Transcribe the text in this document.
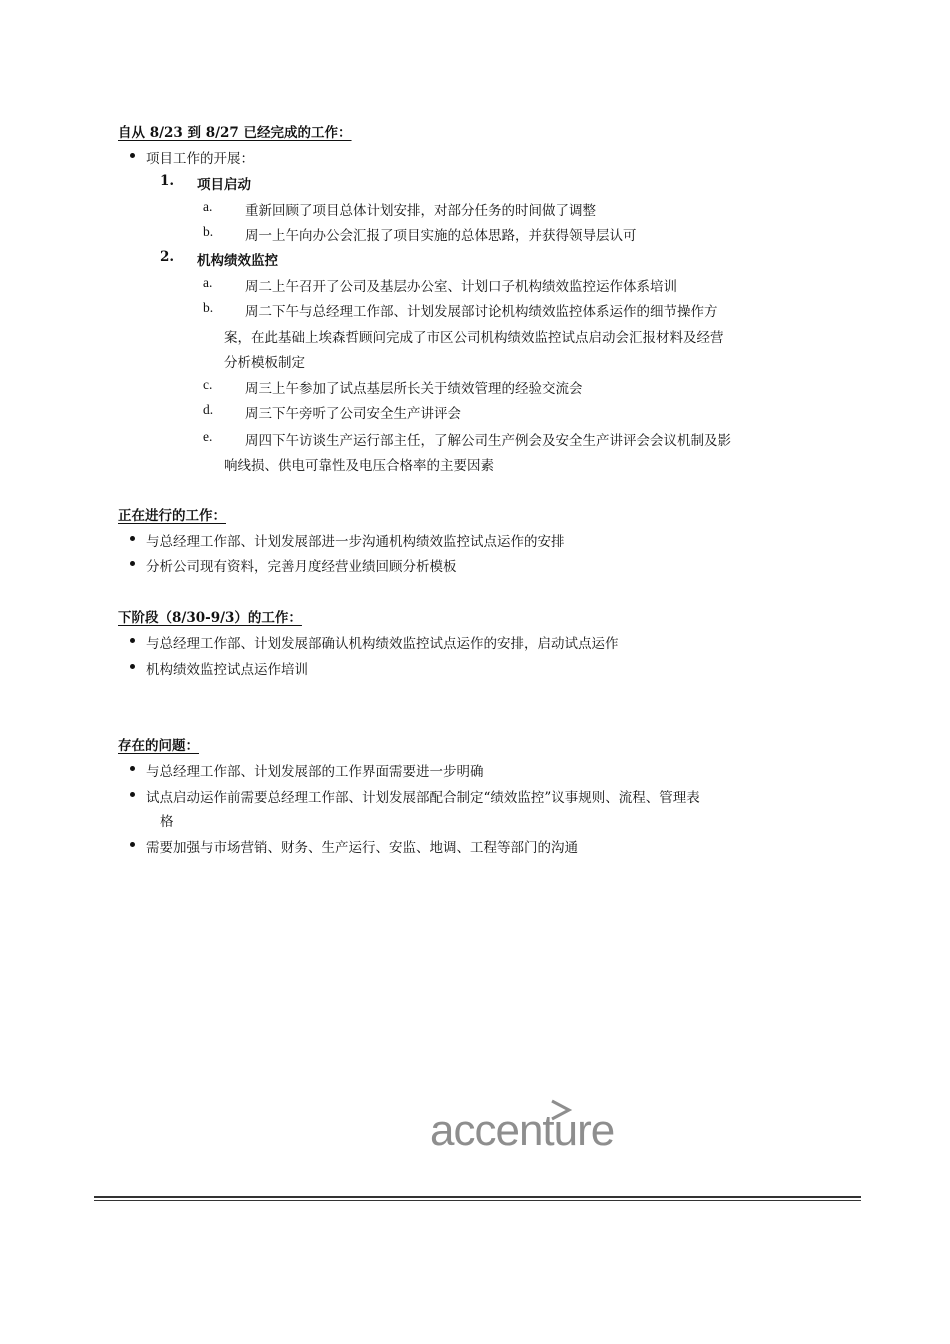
自从 8/23 到 8/27 已经完成的工作：
项目工作的开展：
1. 项目启动
a. 重新回顾了项目总体计划安排，对部分任务的时间做了调整
b. 周一上午向办公会汇报了项目实施的总体思路，并获得领导层认可
2. 机构绩效监控
a. 周二上午召开了公司及基层办公室、计划口子机构绩效监控运作体系培训
b. 周二下午与总经理工作部、计划发展部讨论机构绩效监控体系运作的细节操作方
案，在此基础上埃森哲顾问完成了市区公司机构绩效监控试点启动会汇报材料及经营
分析模板制定
c. 周三上午参加了试点基层所长关于绩效管理的经验交流会
d. 周三下午旁听了公司安全生产讲评会
e. 周四下午访谈生产运行部主任，了解公司生产例会及安全生产讲评会会议机制及影
响线损、供电可靠性及电压合格率的主要因素
正在进行的工作：
与总经理工作部、计划发展部进一步沟通机构绩效监控试点运作的安排
分析公司现有资料，完善月度经营业绩回顾分析模板
下阶段（8/30-9/3）的工作：
与总经理工作部、计划发展部确认机构绩效监控试点运作的安排，启动试点运作
机构绩效监控试点运作培训
存在的问题：
与总经理工作部、计划发展部的工作界面需要进一步明确
试点启动运作前需要总经理工作部、计划发展部配合制定“绩效监控”议事规则、流程、管理表
格
需要加强与市场营销、财务、生产运行、安监、地调、工程等部门的沟通
accenture
